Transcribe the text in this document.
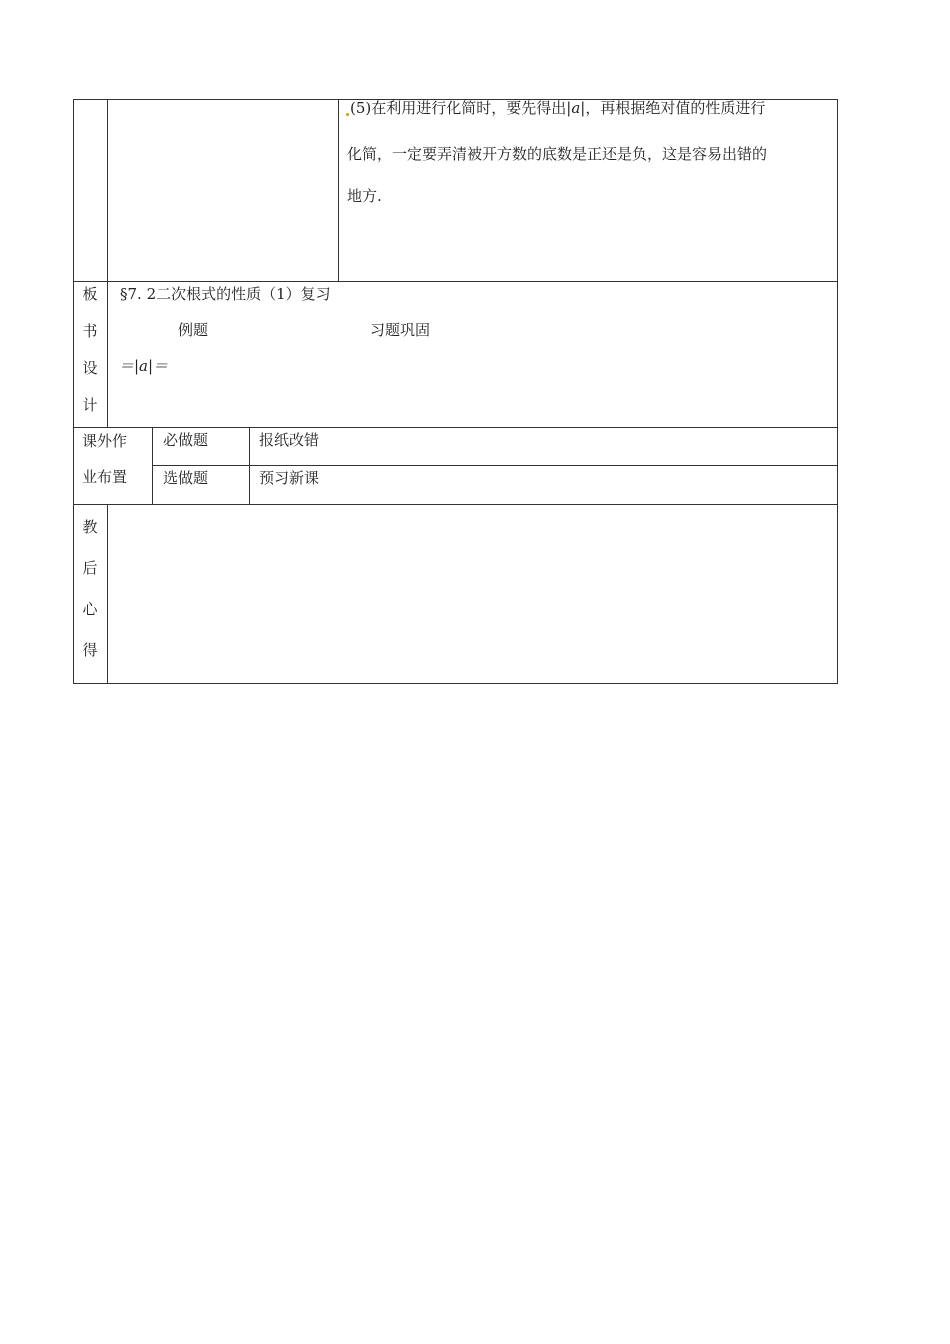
(5)在利用进行化简时，要先得出|a|，再根据绝对值的性质进行
化简，一定要弄清被开方数的底数是正还是负，这是容易出错的
地方.
板
书
设
计
§7. 2二次根式的性质（1）复习
例题	习题巩固
＝|a|＝
课外作
业布置
必做题	报纸改错
选做题	预习新课
教
后
心
得
